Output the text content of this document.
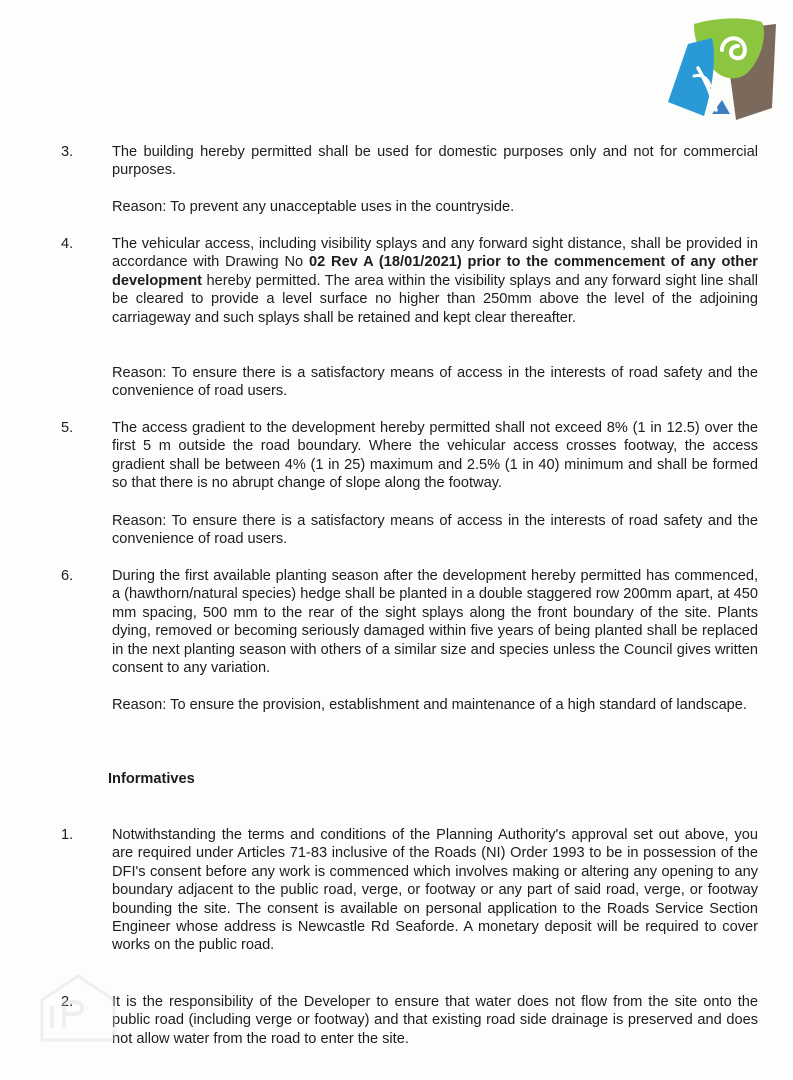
3.	The building hereby permitted shall be used for domestic purposes only and not for commercial purposes.
Reason: To prevent any unacceptable uses in the countryside.
4.	The vehicular access, including visibility splays and any forward sight distance, shall be provided in accordance with Drawing No 02 Rev A (18/01/2021) prior to the commencement of any other development hereby permitted. The area within the visibility splays and any forward sight line shall be cleared to provide a level surface no higher than 250mm above the level of the adjoining carriageway and such splays shall be retained and kept clear thereafter.
Reason: To ensure there is a satisfactory means of access in the interests of road safety and the convenience of road users.
5.	The access gradient to the development hereby permitted shall not exceed 8% (1 in 12.5) over the first 5 m outside the road boundary. Where the vehicular access crosses footway, the access gradient shall be between 4% (1 in 25) maximum and 2.5% (1 in 40) minimum and shall be formed so that there is no abrupt change of slope along the footway.
Reason: To ensure there is a satisfactory means of access in the interests of road safety and the convenience of road users.
6.	During the first available planting season after the development hereby permitted has commenced, a (hawthorn/natural species) hedge shall be planted in a double staggered row 200mm apart, at 450 mm spacing, 500 mm to the rear of the sight splays along the front boundary of the site. Plants dying, removed or becoming seriously damaged within five years of being planted shall be replaced in the next planting season with others of a similar size and species unless the Council gives written consent to any variation.
Reason: To ensure the provision, establishment and maintenance of a high standard of landscape.
Informatives
1.	Notwithstanding the terms and conditions of the Planning Authority's approval set out above, you are required under Articles 71-83 inclusive of the Roads (NI) Order 1993 to be in possession of the DFI's consent before any work is commenced which involves making or altering any opening to any boundary adjacent to the public road, verge, or footway or any part of said road, verge, or footway bounding the site. The consent is available on personal application to the Roads Service Section Engineer whose address is Newcastle Rd Seaforde. A monetary deposit will be required to cover works on the public road.
2.	It is the responsibility of the Developer to ensure that water does not flow from the site onto the public road (including verge or footway) and that existing road side drainage is preserved and does not allow water from the road to enter the site.
